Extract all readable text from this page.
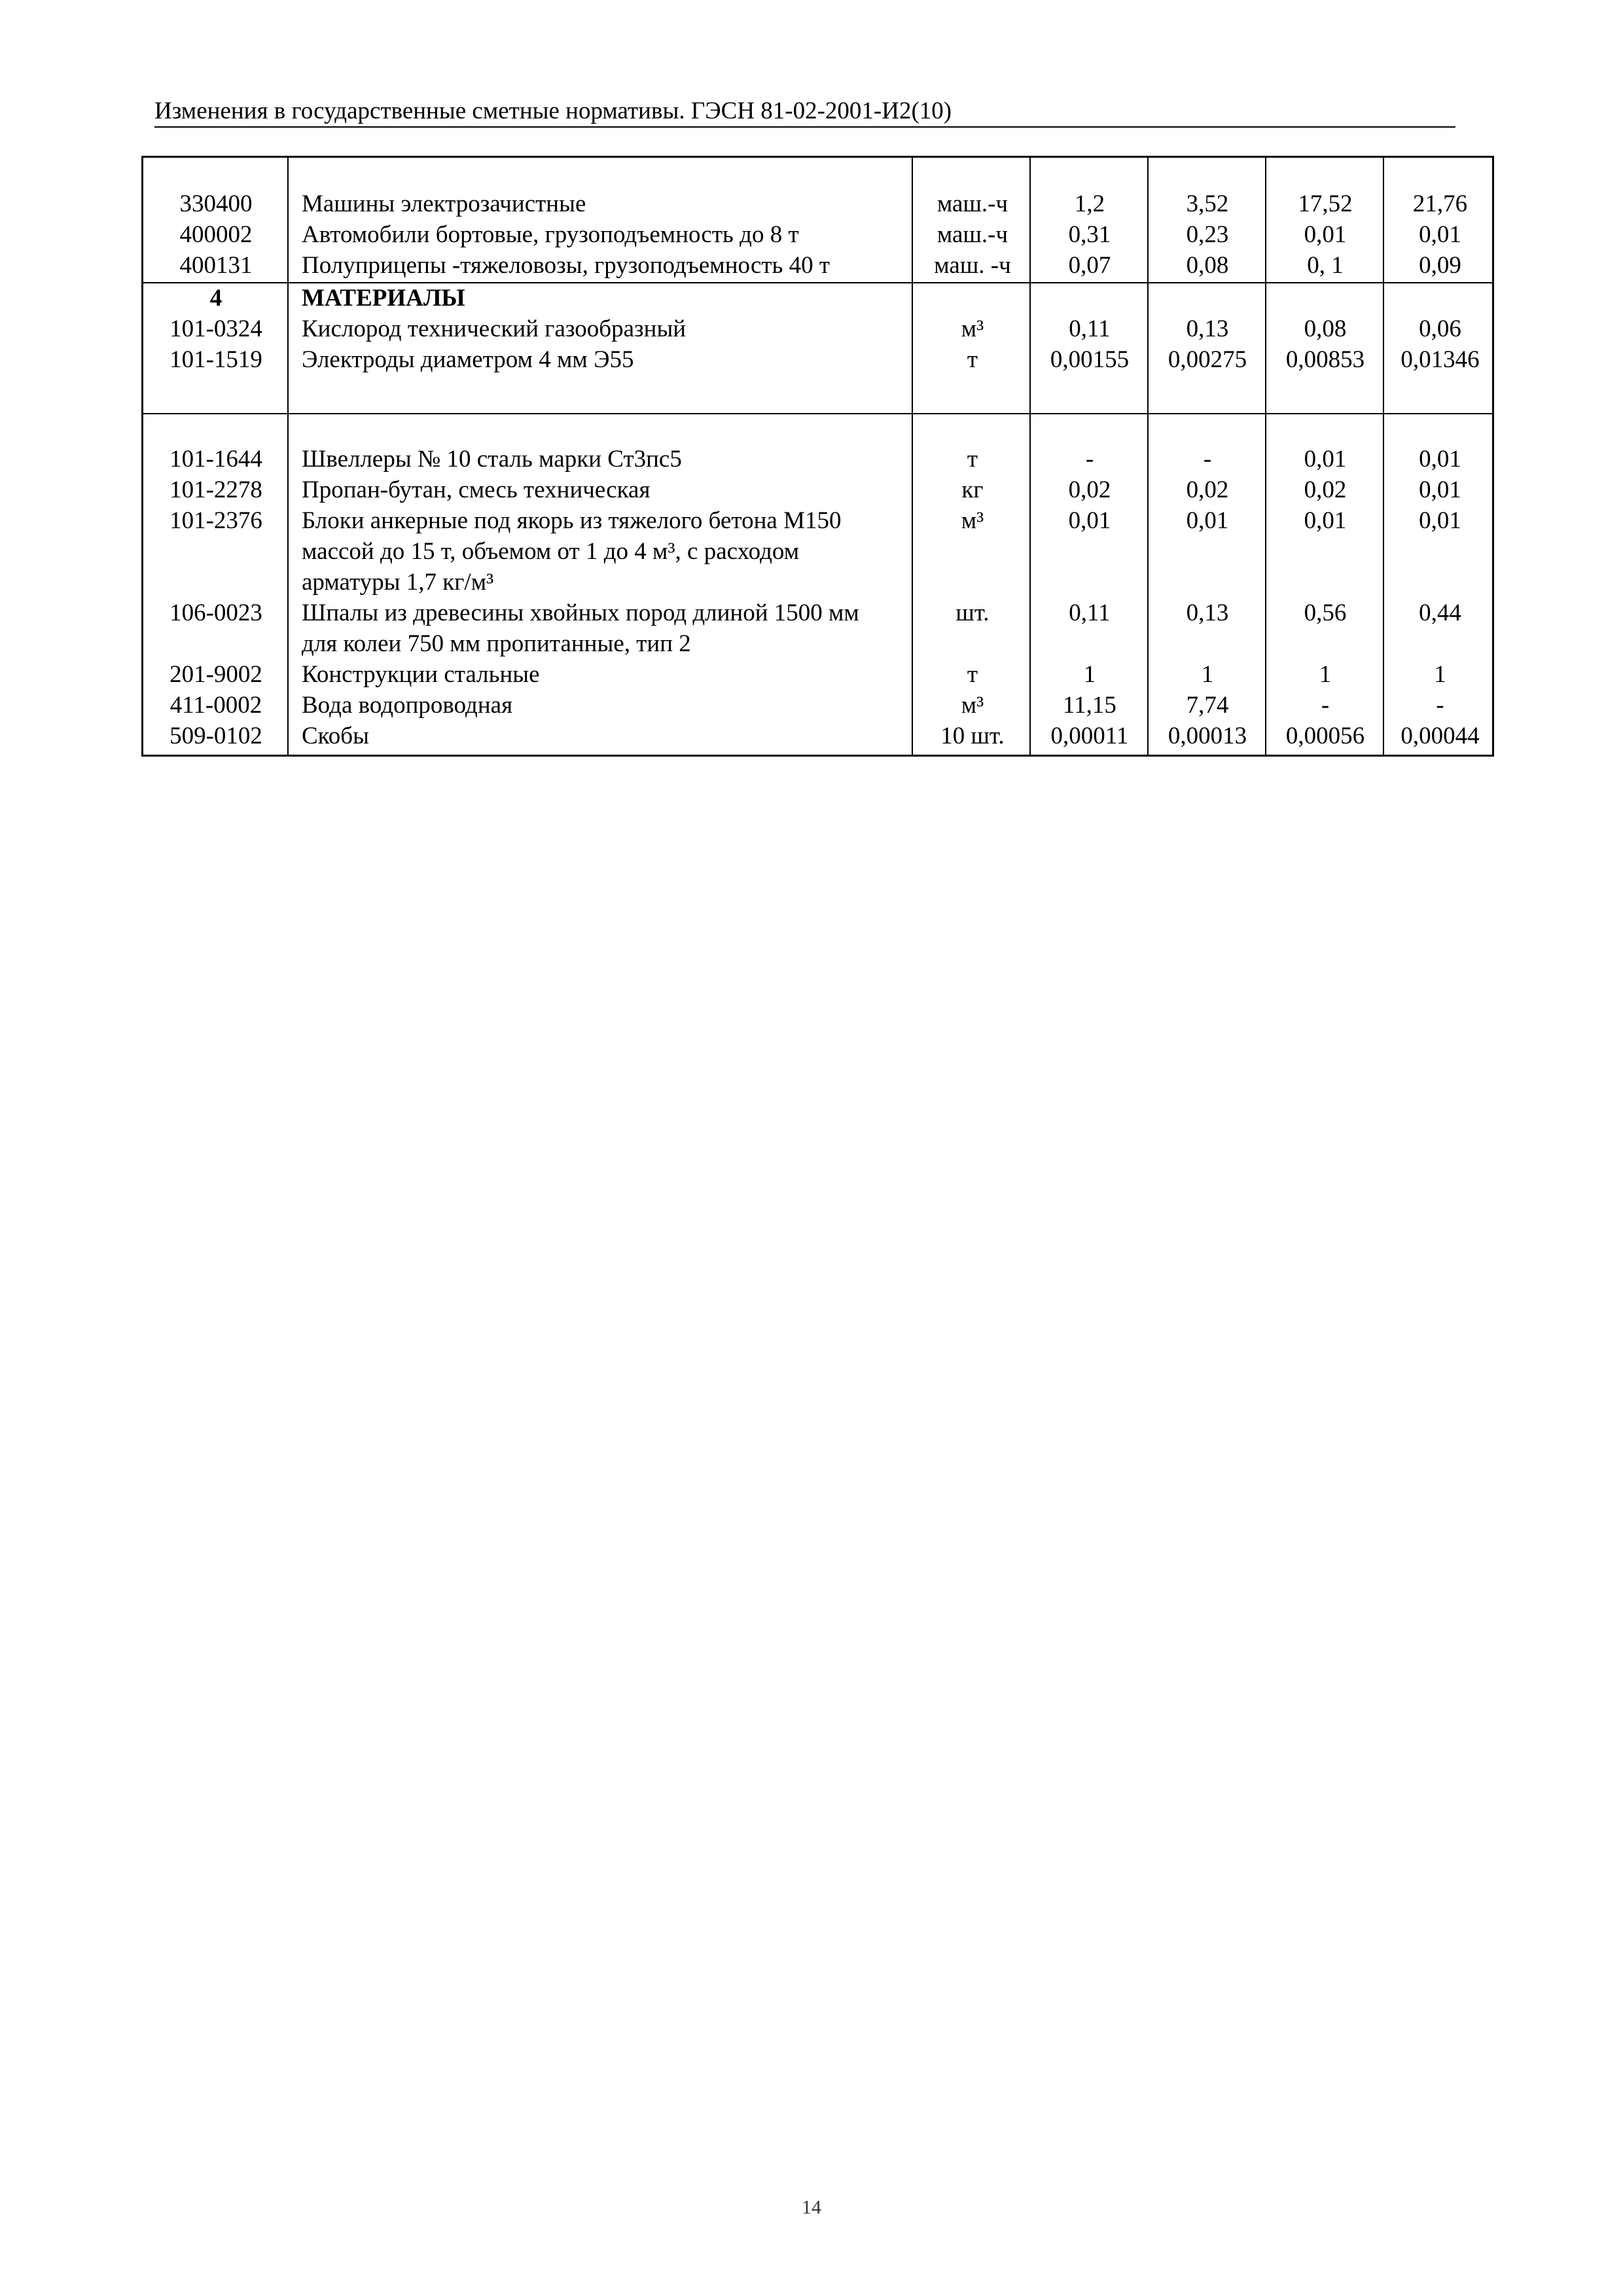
Изменения в государственные сметные нормативы. ГЭСН 81-02-2001-И2(10)
330400	Машины электрозачистные	маш.-ч	1,2	3,52	17,52	21,76
400002	Автомобили бортовые, грузоподъемность до 8 т	маш.-ч	0,31	0,23	0,01	0,01
400131	Полуприцепы -тяжеловозы, грузоподъемность 40 т	маш. -ч	0,07	0,08	0, 1	0,09
4	МАТЕРИАЛЫ
101-0324	Кислород технический газообразный	м³	0,11	0,13	0,08	0,06
101-1519	Электроды диаметром 4 мм Э55	т	0,00155	0,00275	0,00853	0,01346
101-1644	Швеллеры № 10 сталь марки Ст3пс5	т	-	-	0,01	0,01
101-2278	Пропан-бутан, смесь техническая	кг	0,02	0,02	0,02	0,01
101-2376	Блоки анкерные под якорь из тяжелого бетона М150	м³	0,01	0,01	0,01	0,01
массой до 15 т, объемом от 1 до 4 м³, с расходом
арматуры 1,7 кг/м³
106-0023	Шпалы из древесины хвойных пород длиной 1500 мм	шт.	0,11	0,13	0,56	0,44
для колеи 750 мм пропитанные, тип 2
201-9002	Конструкции стальные	т	1	1	1	1
411-0002	Вода водопроводная	м³	11,15	7,74	-	-
509-0102	Скобы	10 шт.	0,00011	0,00013	0,00056	0,00044
14
